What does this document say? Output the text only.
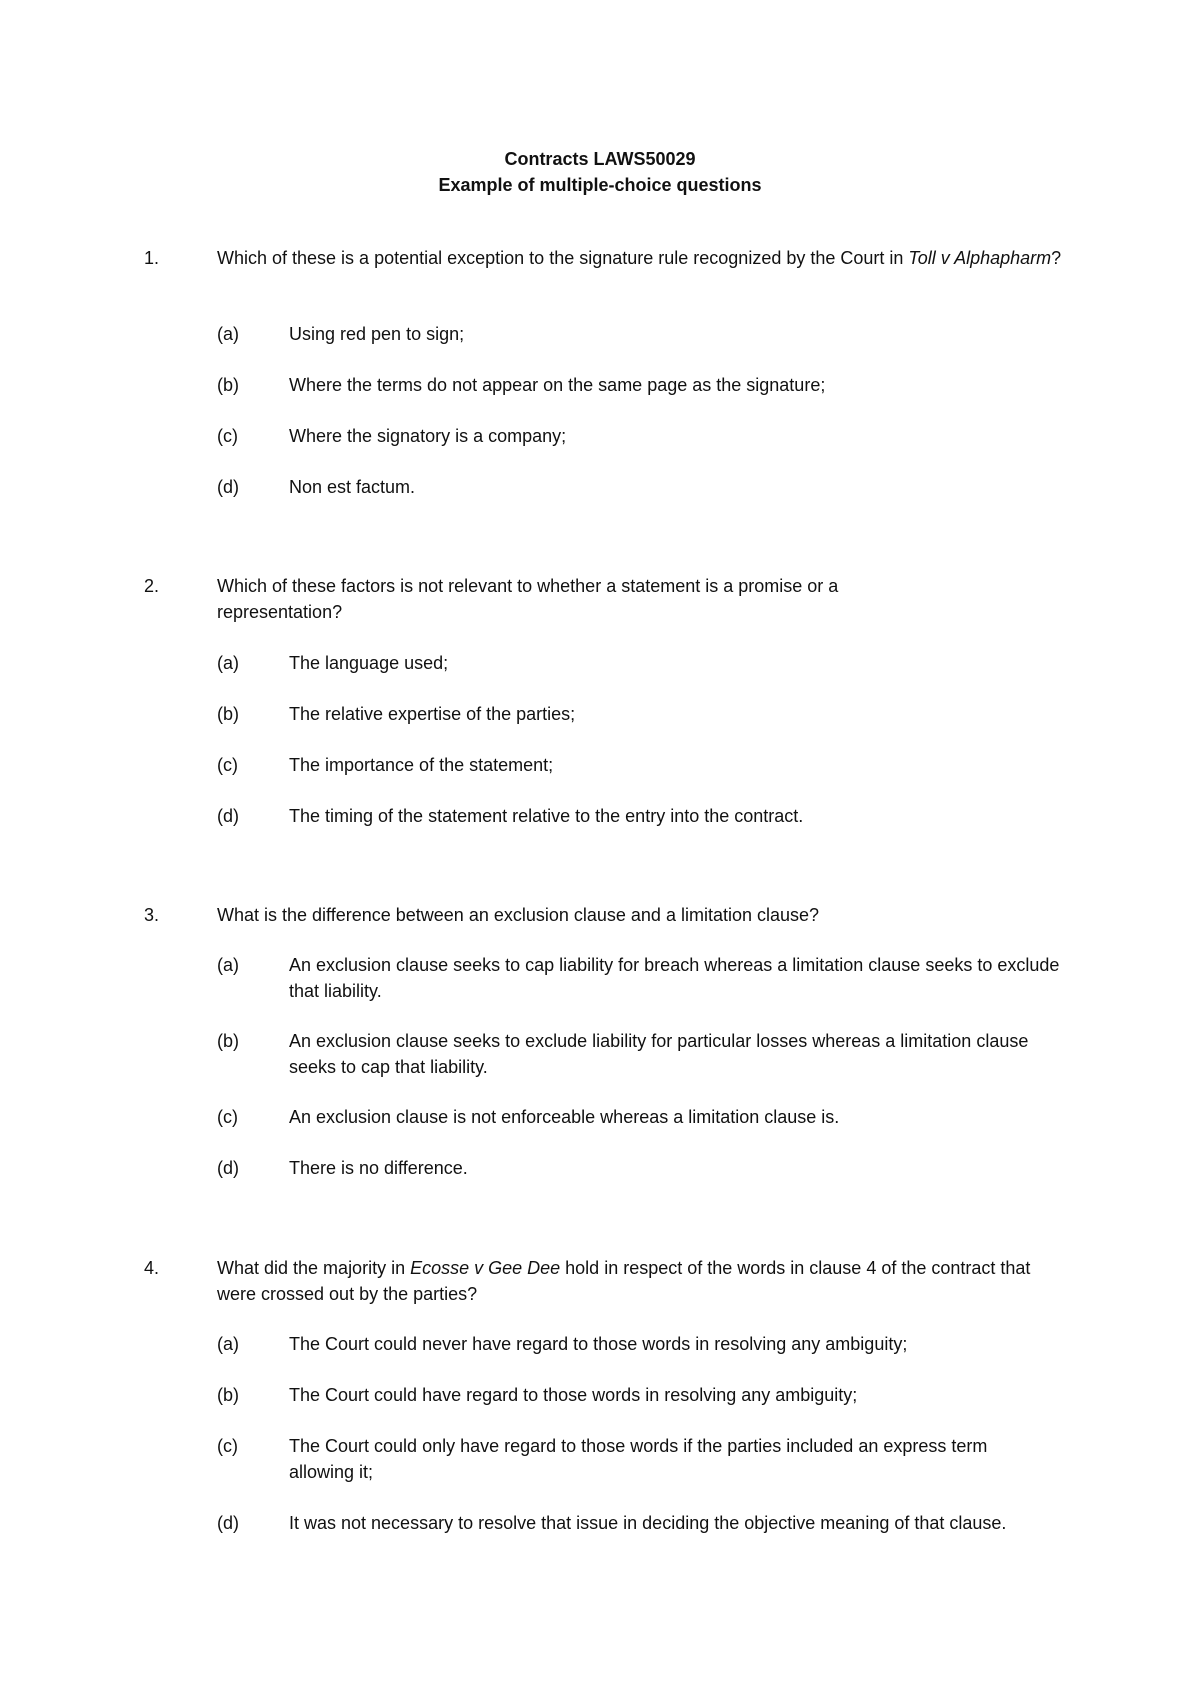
Contracts LAWS50029
Example of multiple-choice questions
1.	Which of these is a potential exception to the signature rule recognized by the Court in Toll v Alphapharm?
(a)	Using red pen to sign;
(b)	Where the terms do not appear on the same page as the signature;
(c)	Where the signatory is a company;
(d)	Non est factum.
2.	Which of these factors is not relevant to whether a statement is a promise or a representation?
(a)	The language used;
(b)	The relative expertise of the parties;
(c)	The importance of the statement;
(d)	The timing of the statement relative to the entry into the contract.
3.	What is the difference between an exclusion clause and a limitation clause?
(a)	An exclusion clause seeks to cap liability for breach whereas a limitation clause seeks to exclude that liability.
(b)	An exclusion clause seeks to exclude liability for particular losses whereas a limitation clause seeks to cap that liability.
(c)	An exclusion clause is not enforceable whereas a limitation clause is.
(d)	There is no difference.
4.	What did the majority in Ecosse v Gee Dee hold in respect of the words in clause 4 of the contract that were crossed out by the parties?
(a)	The Court could never have regard to those words in resolving any ambiguity;
(b)	The Court could have regard to those words in resolving any ambiguity;
(c)	The Court could only have regard to those words if the parties included an express term allowing it;
(d)	It was not necessary to resolve that issue in deciding the objective meaning of that clause.
